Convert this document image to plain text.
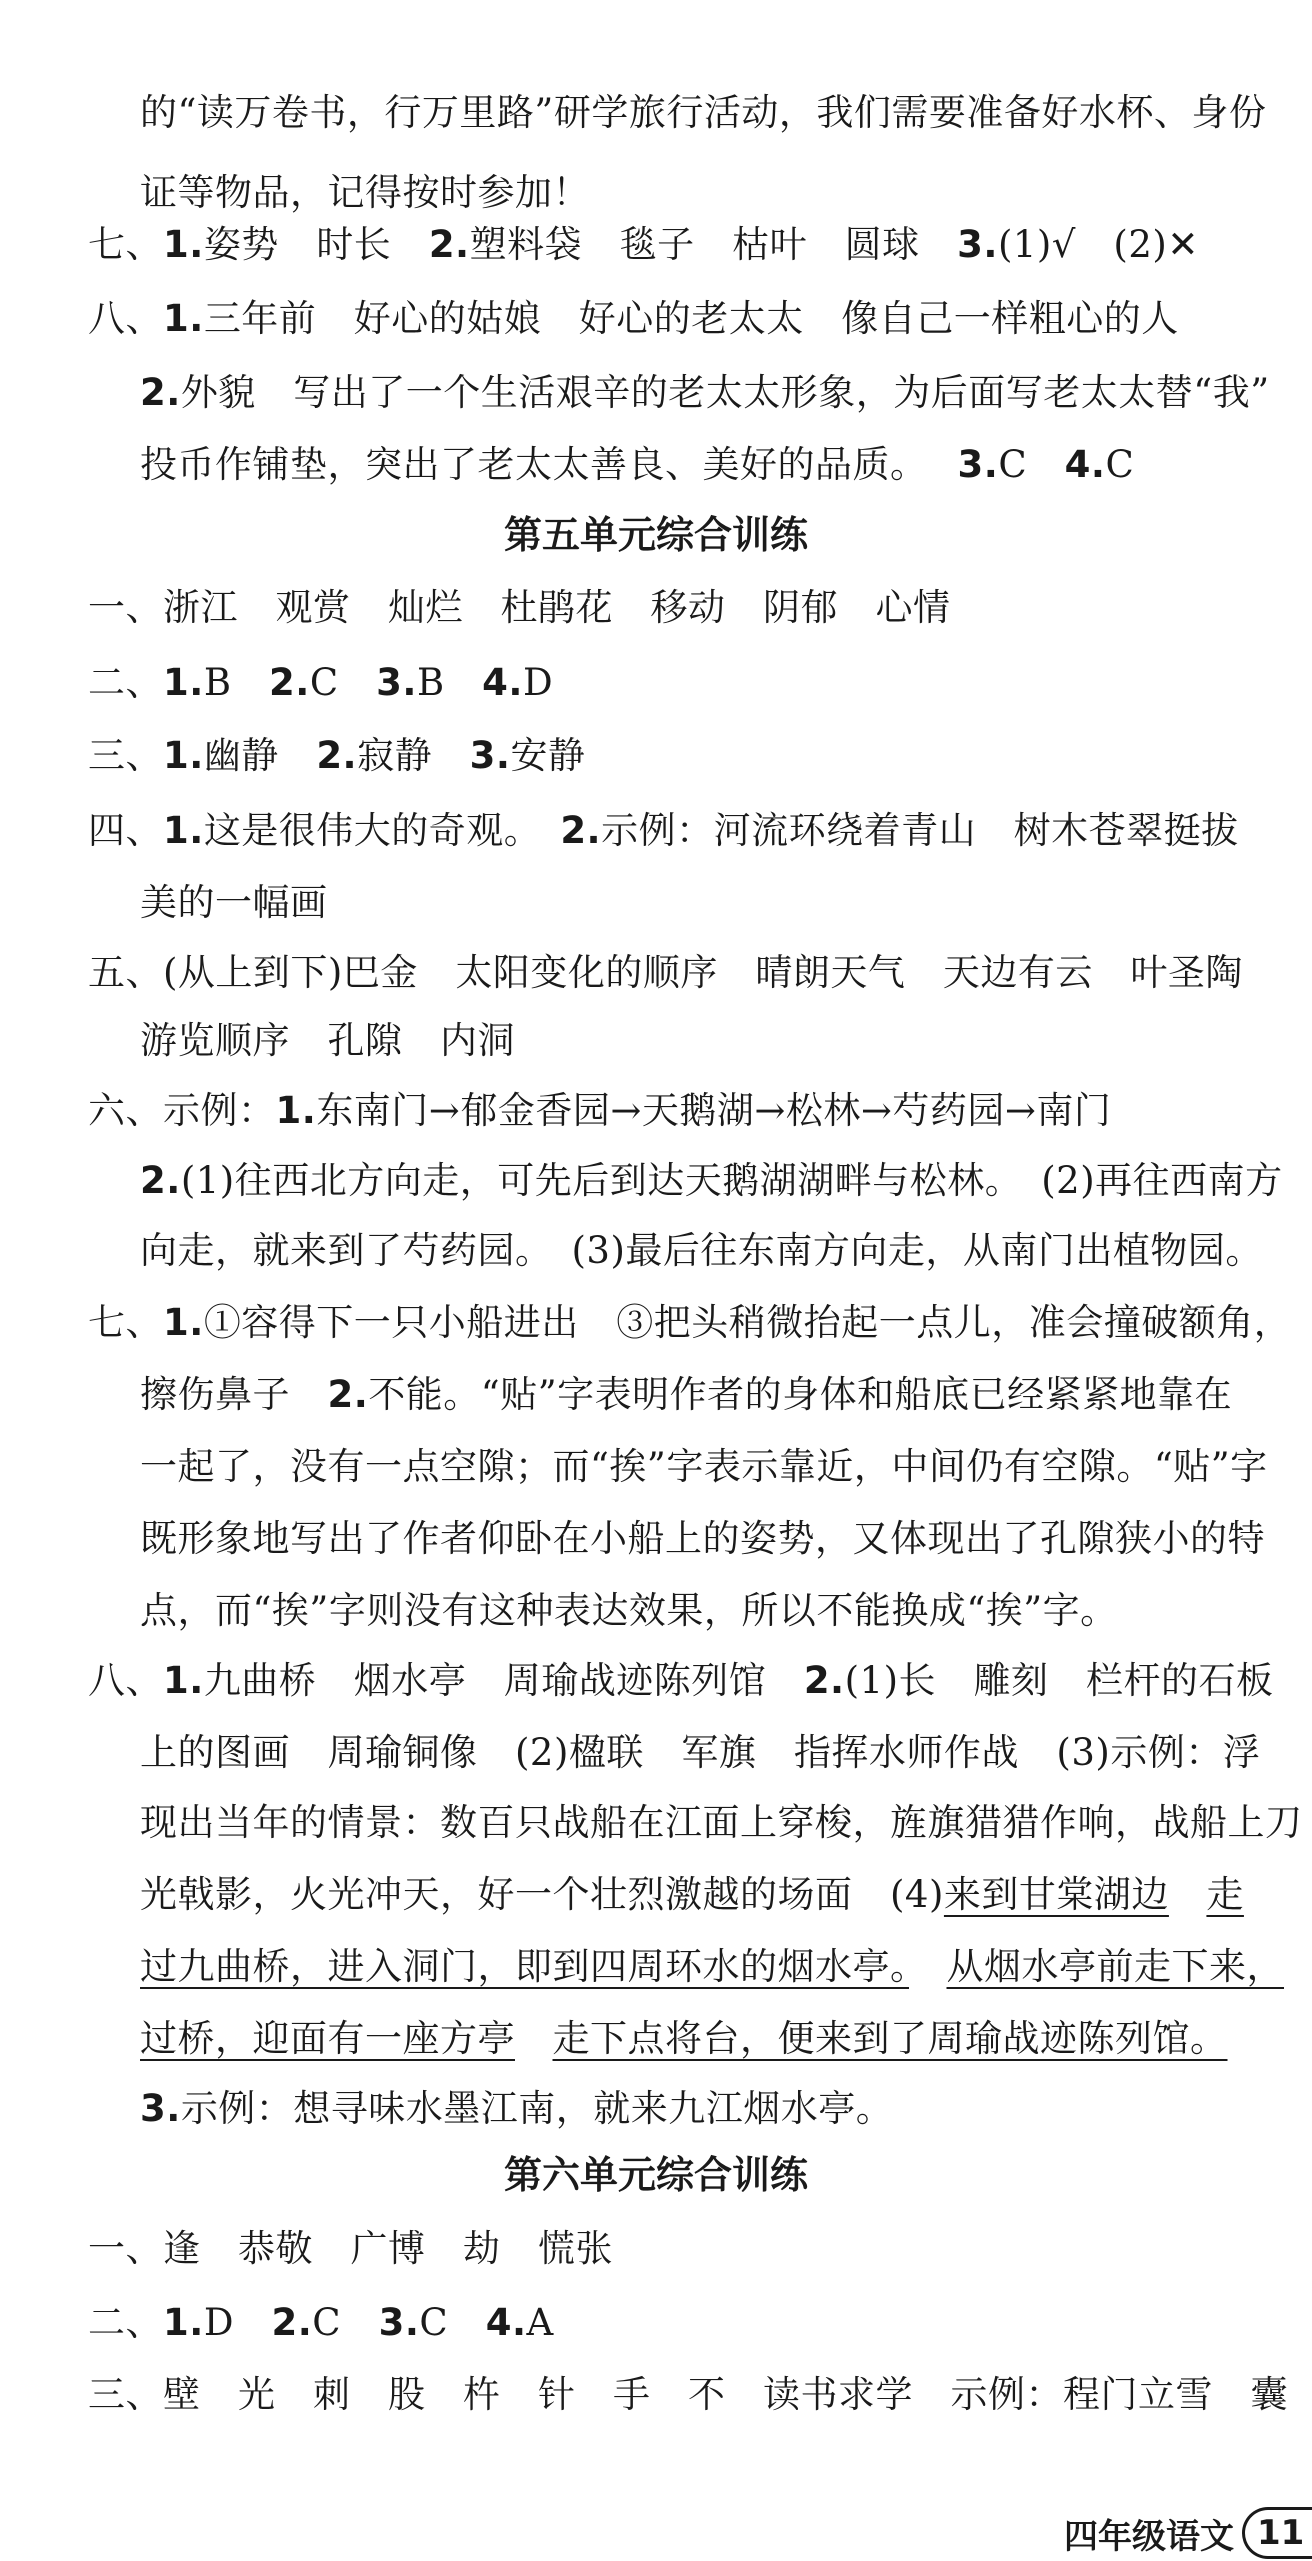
的“读万卷书，行万里路”研学旅行活动，我们需要准备好水杯、身份
证等物品，记得按时参加！
七、1.姿势　时长　2.塑料袋　毯子　枯叶　圆球　3.(1)√　(2)✕
八、1.三年前　好心的姑娘　好心的老太太　像自己一样粗心的人
2.外貌　写出了一个生活艰辛的老太太形象，为后面写老太太替“我”
投币作铺垫，突出了老太太善良、美好的品质。 3.C　4.C
第五单元综合训练
一、浙江　观赏　灿烂　杜鹃花　移动　阴郁　心情
二、1.B　2.C　3.B　4.D
三、1.幽静　2.寂静　3.安静
四、1.这是很伟大的奇观。　2.示例：河流环绕着青山　树木苍翠挺拔
美的一幅画
五、(从上到下)巴金　太阳变化的顺序　晴朗天气　天边有云　叶圣陶
游览顺序　孔隙　内洞
六、示例：1.东南门→郁金香园→天鹅湖→松林→芍药园→南门
2.(1)往西北方向走，可先后到达天鹅湖湖畔与松林。　(2)再往西南方
向走，就来到了芍药园。　(3)最后往东南方向走，从南门出植物园。
七、1.①容得下一只小船进出　③把头稍微抬起一点儿，准会撞破额角，
擦伤鼻子　2.不能。“贴”字表明作者的身体和船底已经紧紧地靠在
一起了，没有一点空隙；而“挨”字表示靠近，中间仍有空隙。“贴”字
既形象地写出了作者仰卧在小船上的姿势，又体现出了孔隙狭小的特
点，而“挨”字则没有这种表达效果，所以不能换成“挨”字。
八、1.九曲桥　烟水亭　周瑜战迹陈列馆　2.(1)长　雕刻　栏杆的石板
上的图画　周瑜铜像　(2)楹联　军旗　指挥水师作战　(3)示例：浮
现出当年的情景：数百只战船在江面上穿梭，旌旗猎猎作响，战船上刀
光戟影，火光冲天，好一个壮烈激越的场面　(4)来到甘棠湖边　 走
过九曲桥，进入洞门，即到四周环水的烟水亭。　 从烟水亭前走下来，
过桥，迎面有一座方亭　 走下点将台，便来到了周瑜战迹陈列馆。
3.示例：想寻味水墨江南，就来九江烟水亭。
第六单元综合训练
一、逢　恭敬　广博　劫　慌张
二、1.D　2.C　3.C　4.A
三、壁　光　刺　股　杵　针　手　不　读书求学　示例：程门立雪　囊
四年级语文 11
